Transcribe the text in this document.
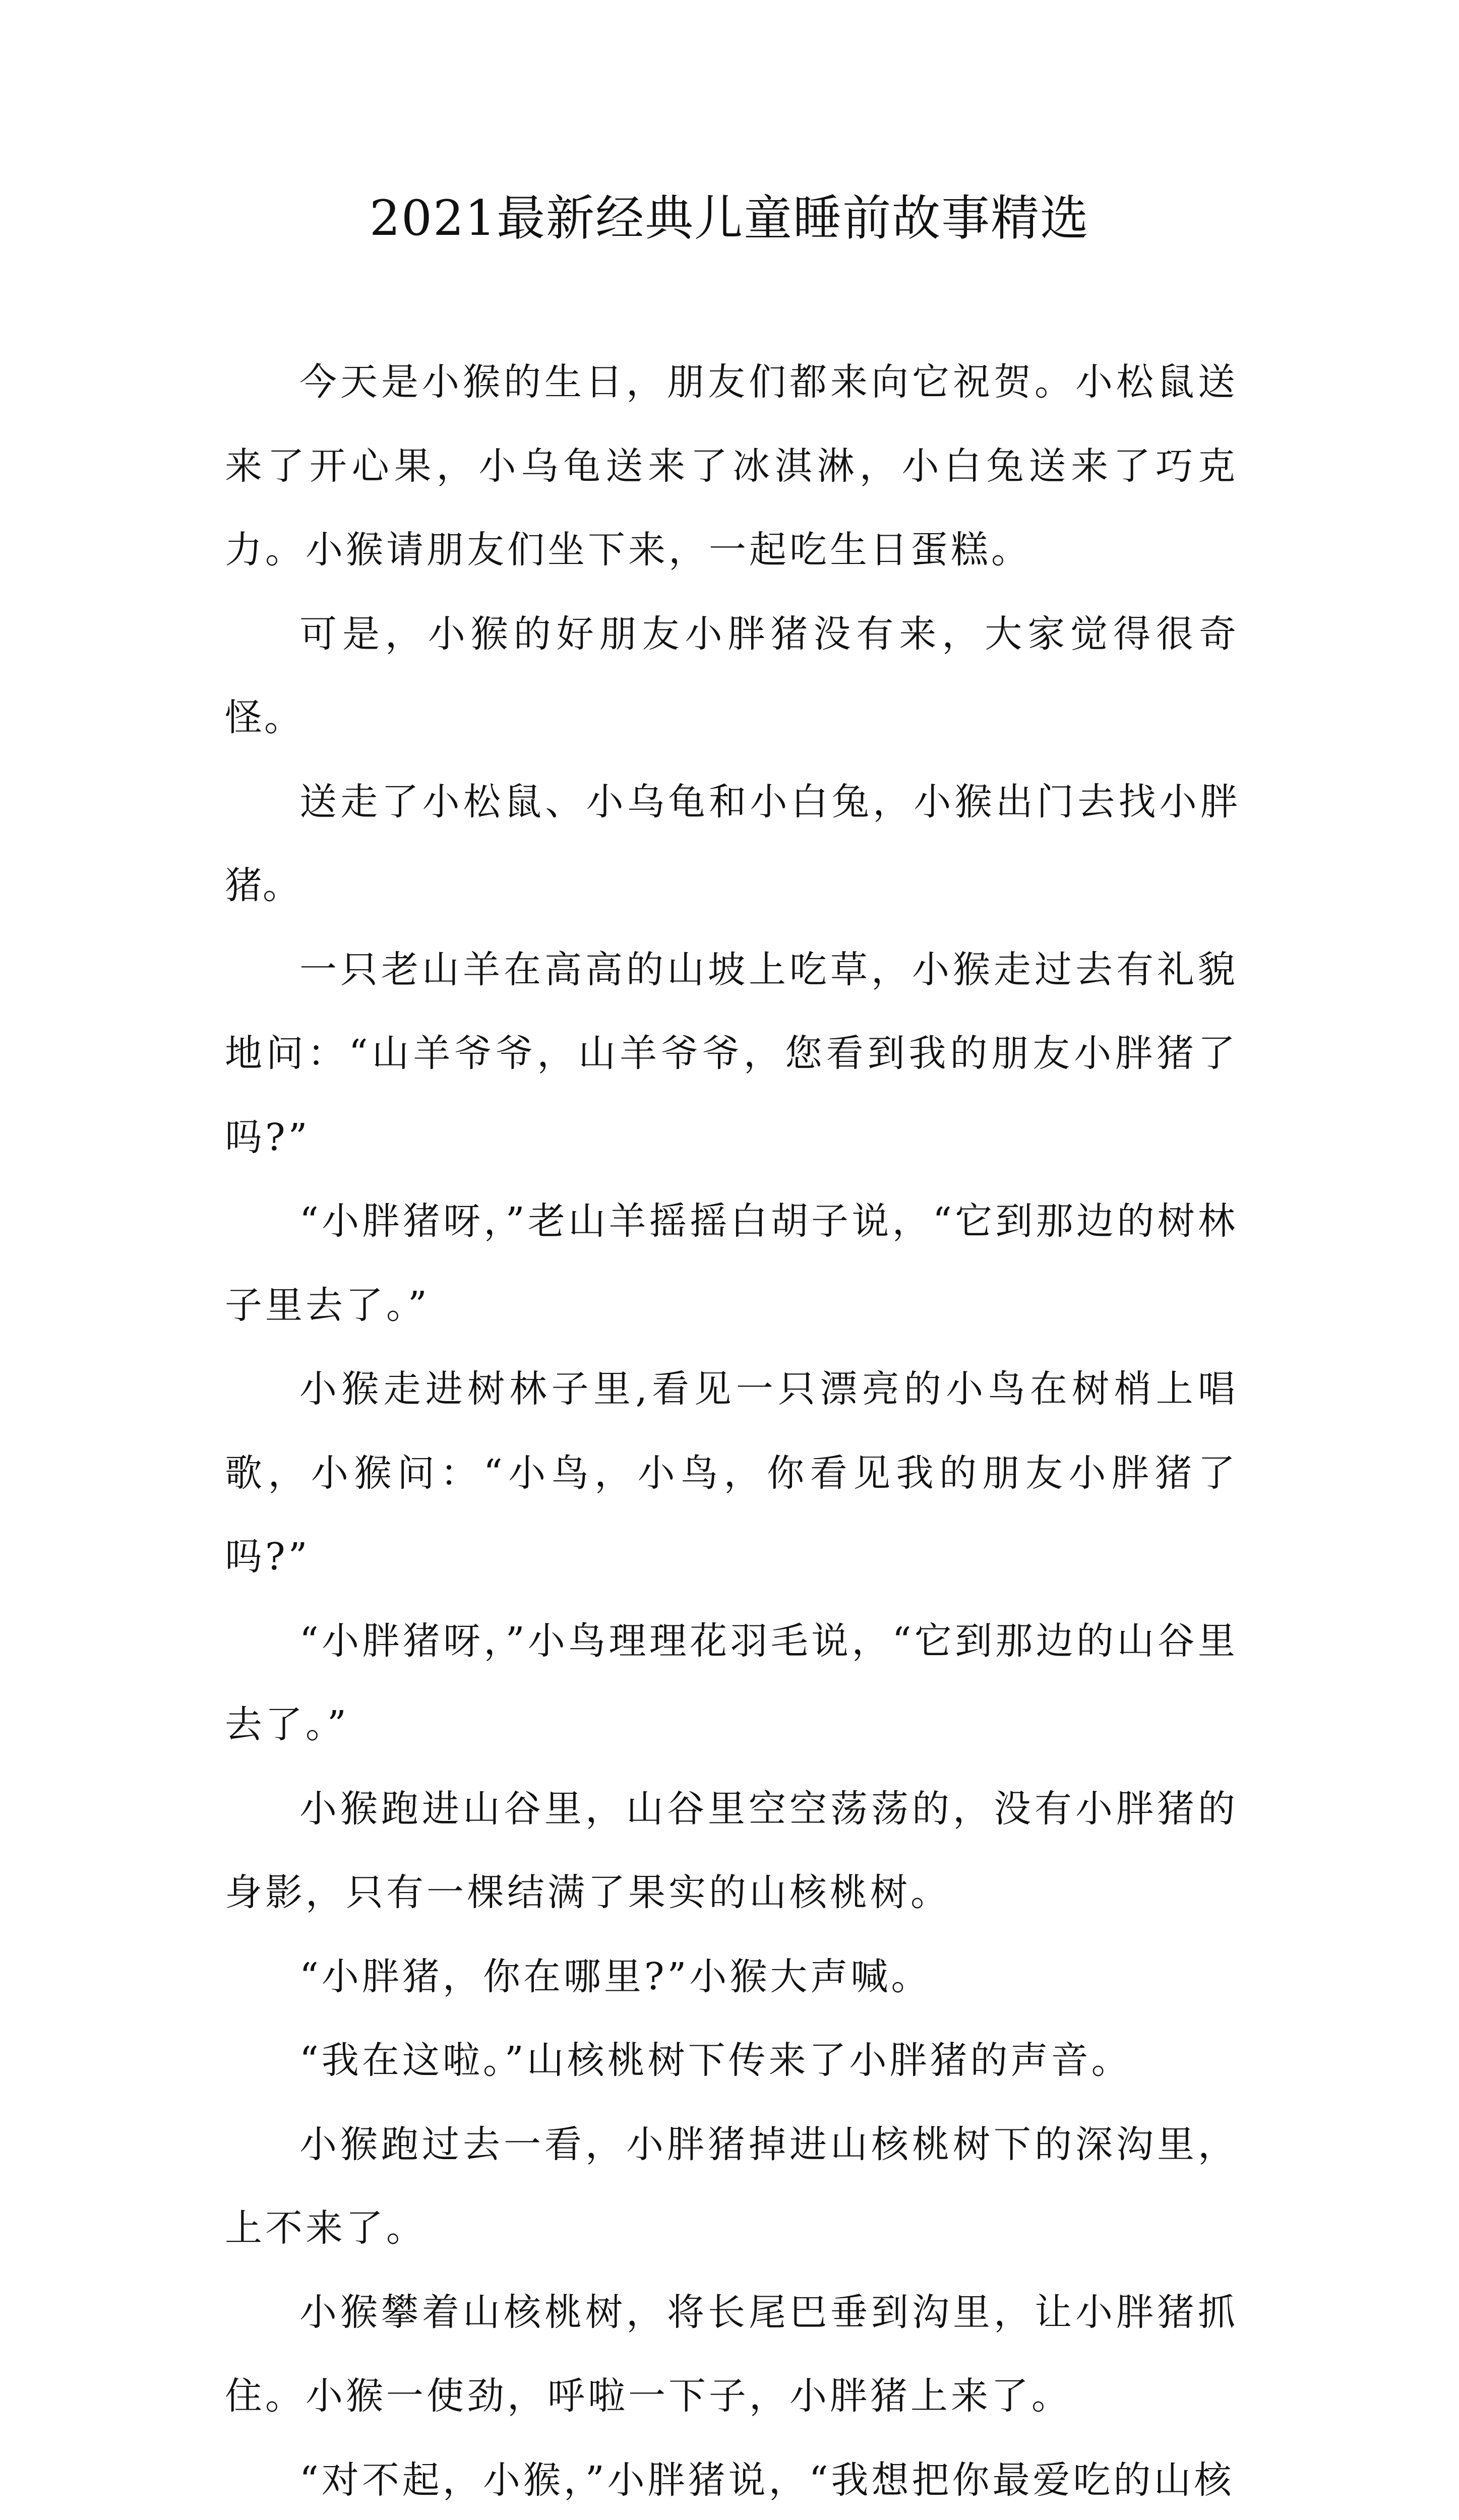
2021最新经典儿童睡前故事精选

今天是小猴的生日，朋友们都来向它祝贺。小松鼠送来了开心果，小乌龟送来了冰淇淋，小白兔送来了巧克力。小猴请朋友们坐下来，一起吃生日蛋糕。

可是，小猴的好朋友小胖猪没有来，大家觉得很奇怪。

送走了小松鼠、小乌龟和小白兔，小猴出门去找小胖猪。

一只老山羊在高高的山坡上吃草，小猴走过去有礼貌地问：“山羊爷爷，山羊爷爷，您看到我的朋友小胖猪了吗?”

“小胖猪呀，”老山羊摇摇白胡子说，“它到那边的树林子里去了。”

小猴走进树林子里,看见一只漂亮的小鸟在树梢上唱歌，小猴问：“小鸟，小鸟，你看见我的朋友小胖猪了吗?”

“小胖猪呀，”小鸟理理花羽毛说，“它到那边的山谷里去了。”

小猴跑进山谷里，山谷里空空荡荡的，没有小胖猪的身影，只有一棵结满了果实的山核桃树。

“小胖猪，你在哪里?”小猴大声喊。

“我在这啦。”山核桃树下传来了小胖猪的声音。

小猴跑过去一看，小胖猪掉进山核桃树下的深沟里，上不来了。

小猴攀着山核桃树，将长尾巴垂到沟里，让小胖猪抓住。小猴一使劲，呼啦一下子，小胖猪上来了。

“对不起，小猴，”小胖猪说，“我想把你最爱吃的山核
